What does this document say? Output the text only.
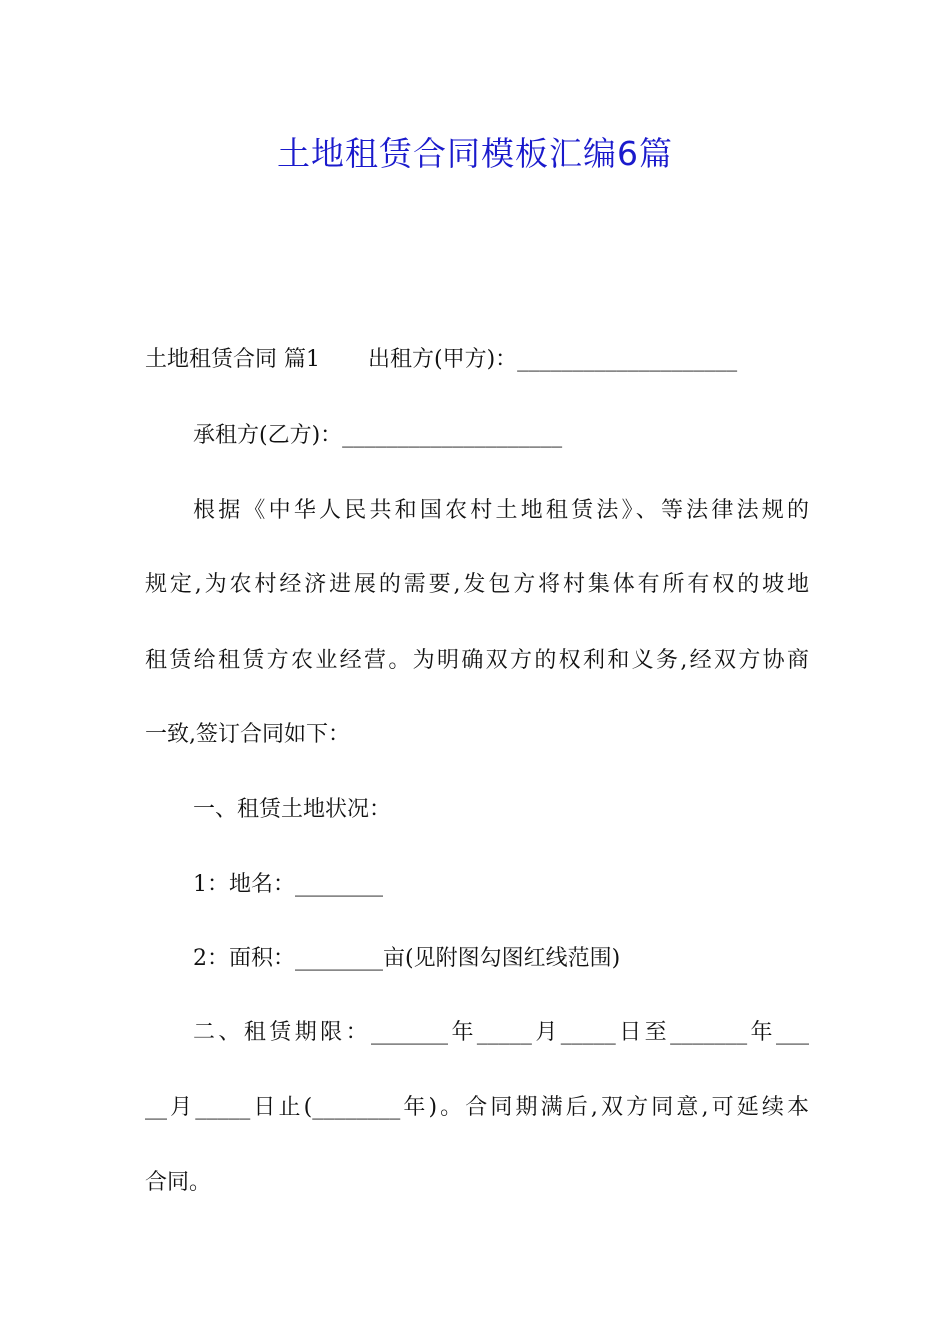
土地租赁合同模板汇编6篇
土地租赁合同 篇1 出租方(甲方)：____________________
承租方(乙方)：____________________
根据《中华人民共和国农村土地租赁法》、等法律法规的
规定,为农村经济进展的需要,发包方将村集体有所有权的坡地
租赁给租赁方农业经营。为明确双方的权利和义务,经双方协商
一致,签订合同如下：
一、租赁土地状况：
1：地名：________
2：面积：________亩(见附图勾图红线范围)
二、租赁期限：_______年_____月_____日至_______年___
__月_____日止(________年)。合同期满后,双方同意,可延续本
合同。
